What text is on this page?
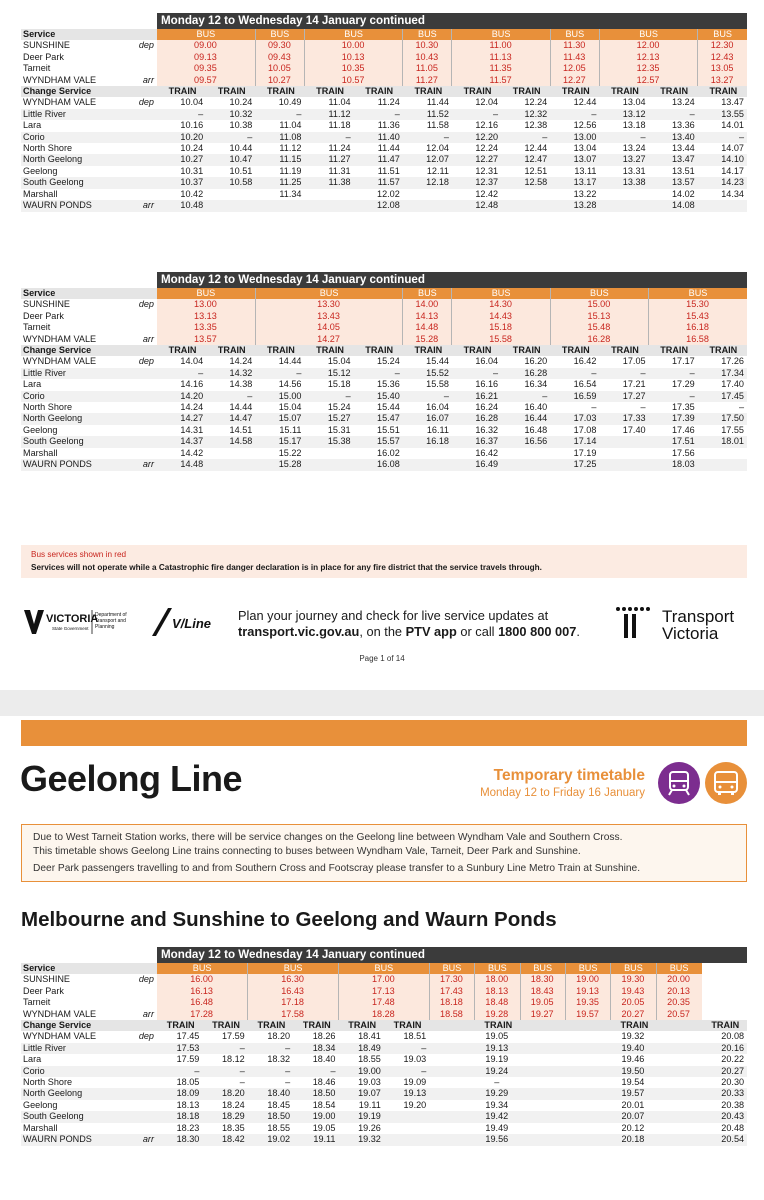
		Monday 12 to Wednesday 14 January continued											
Service		BUS		BUS	BUS		BUS	BUS		BUS	BUS		BUS
SUNSHINE	dep	09.00		09.30	10.00		10.30	11.00		11.30	12.00		12.30
Deer Park		09.13		09.43	10.13		10.43	11.13		11.43	12.13		12.43
Tarneit		09.35		10.05	10.35		11.05	11.35		12.05	12.35		13.05
WYNDHAM VALE	arr	09.57		10.27	10.57		11.27	11.57		12.27	12.57		13.27
Change Service		TRAIN	TRAIN	TRAIN	TRAIN	TRAIN	TRAIN	TRAIN	TRAIN	TRAIN	TRAIN	TRAIN	TRAIN
WYNDHAM VALE	dep	10.04	10.24	10.49	11.04	11.24	11.44	12.04	12.24	12.44	13.04	13.24	13.47
Little River		–	10.32	–	11.12	–	11.52	–	12.32	–	13.12	–	13.55
Lara		10.16	10.38	11.04	11.18	11.36	11.58	12.16	12.38	12.56	13.18	13.36	14.01
Corio		10.20	–	11.08	–	11.40	–	12.20	–	13.00	–	13.40	–
North Shore		10.24	10.44	11.12	11.24	11.44	12.04	12.24	12.44	13.04	13.24	13.44	14.07
North Geelong		10.27	10.47	11.15	11.27	11.47	12.07	12.27	12.47	13.07	13.27	13.47	14.10
Geelong		10.31	10.51	11.19	11.31	11.51	12.11	12.31	12.51	13.11	13.31	13.51	14.17
South Geelong		10.37	10.58	11.25	11.38	11.57	12.18	12.37	12.58	13.17	13.38	13.57	14.23
Marshall		10.42		11.34		12.02		12.42		13.22		14.02	14.34
WAURN PONDS	arr	10.48				12.08		12.48		13.28		14.08	
		Monday 12 to Wednesday 14 January continued											
Service		BUS		BUS			BUS	BUS		BUS		BUS	
SUNSHINE	dep	13.00		13.30			14.00	14.30		15.00		15.30	
Deer Park		13.13		13.43			14.13	14.43		15.13		15.43	
Tarneit		13.35		14.05			14.48	15.18		15.48		16.18	
WYNDHAM VALE	arr	13.57		14.27			15.28	15.58		16.28		16.58	
Change Service		TRAIN	TRAIN	TRAIN	TRAIN	TRAIN	TRAIN	TRAIN	TRAIN	TRAIN	TRAIN	TRAIN	TRAIN
WYNDHAM VALE	dep	14.04	14.24	14.44	15.04	15.24	15.44	16.04	16.20	16.42	17.05	17.17	17.26
Little River		–	14.32	–	15.12	–	15.52	–	16.28	–	–	–	17.34
Lara		14.16	14.38	14.56	15.18	15.36	15.58	16.16	16.34	16.54	17.21	17.29	17.40
Corio		14.20	–	15.00	–	15.40	–	16.21	–	16.59	17.27	–	17.45
North Shore		14.24	14.44	15.04	15.24	15.44	16.04	16.24	16.40	–	–	17.35	–
North Geelong		14.27	14.47	15.07	15.27	15.47	16.07	16.28	16.44	17.03	17.33	17.39	17.50
Geelong		14.31	14.51	15.11	15.31	15.51	16.11	16.32	16.48	17.08	17.40	17.46	17.55
South Geelong		14.37	14.58	15.17	15.38	15.57	16.18	16.37	16.56	17.14		17.51	18.01
Marshall		14.42		15.22		16.02		16.42		17.19		17.56	
WAURN PONDS	arr	14.48		15.28		16.08		16.49		17.25		18.03	
Bus services shown in red
Services will not operate while a Catastrophic fire danger declaration is in place for any fire district that the service travels through.
VICTORIA
State Government
Department of Transport and Planning	V/Line
Plan your journey and check for live service updates at
transport.vic.gov.au, on the PTV app or call 1800 800 007.
Transport
Victoria
Page 1 of 14
Geelong Line	Temporary timetable
Monday 12 to Friday 16 January

Due to West Tarneit Station works, there will be service changes on the Geelong line between Wyndham Vale and Southern Cross.

This timetable shows Geelong Line trains connecting to buses between Wyndham Vale, Tarneit, Deer Park and Sunshine.

Deer Park passengers travelling to and from Southern Cross and Footscray please transfer to a Sunbury Line Metro Train at Sunshine.

Melbourne and Sunshine to Geelong and Waurn Ponds
		Monday 12 to Wednesday 14 January continued												
Service		BUS		BUS		BUS		BUS	BUS	BUS	BUS	BUS	BUS	
SUNSHINE	dep	16.00		16.30		17.00		17.30	18.00	18.30	19.00	19.30	20.00	
Deer Park		16.13		16.43		17.13		17.43	18.13	18.43	19.13	19.43	20.13	
Tarneit		16.48		17.18		17.48		18.18	18.48	19.05	19.35	20.05	20.35	
WYNDHAM VALE	arr	17.28		17.58		18.28		18.58	19.28	19.27	19.57	20.27	20.57	
Change Service		TRAIN	TRAIN	TRAIN	TRAIN	TRAIN	TRAIN	TRAIN			TRAIN			TRAIN
WYNDHAM VALE	dep	17.45	17.59	18.20	18.26	18.41	18.51	19.05			19.32			20.08
Little River		17.53	–	–	18.34	18.49	–	19.13			19.40			20.16
Lara		17.59	18.12	18.32	18.40	18.55	19.03	19.19			19.46			20.22
Corio		–	–	–	–	19.00	–	19.24			19.50			20.27
North Shore		18.05	–	–	18.46	19.03	19.09	–			19.54			20.30
North Geelong		18.09	18.20	18.40	18.50	19.07	19.13	19.29			19.57			20.33
Geelong		18.13	18.24	18.45	18.54	19.11	19.20	19.34			20.01			20.38
South Geelong		18.18	18.29	18.50	19.00	19.19		19.42			20.07			20.43
Marshall		18.23	18.35	18.55	19.05	19.26		19.49			20.12			20.48
WAURN PONDS	arr	18.30	18.42	19.02	19.11	19.32		19.56			20.18			20.54
